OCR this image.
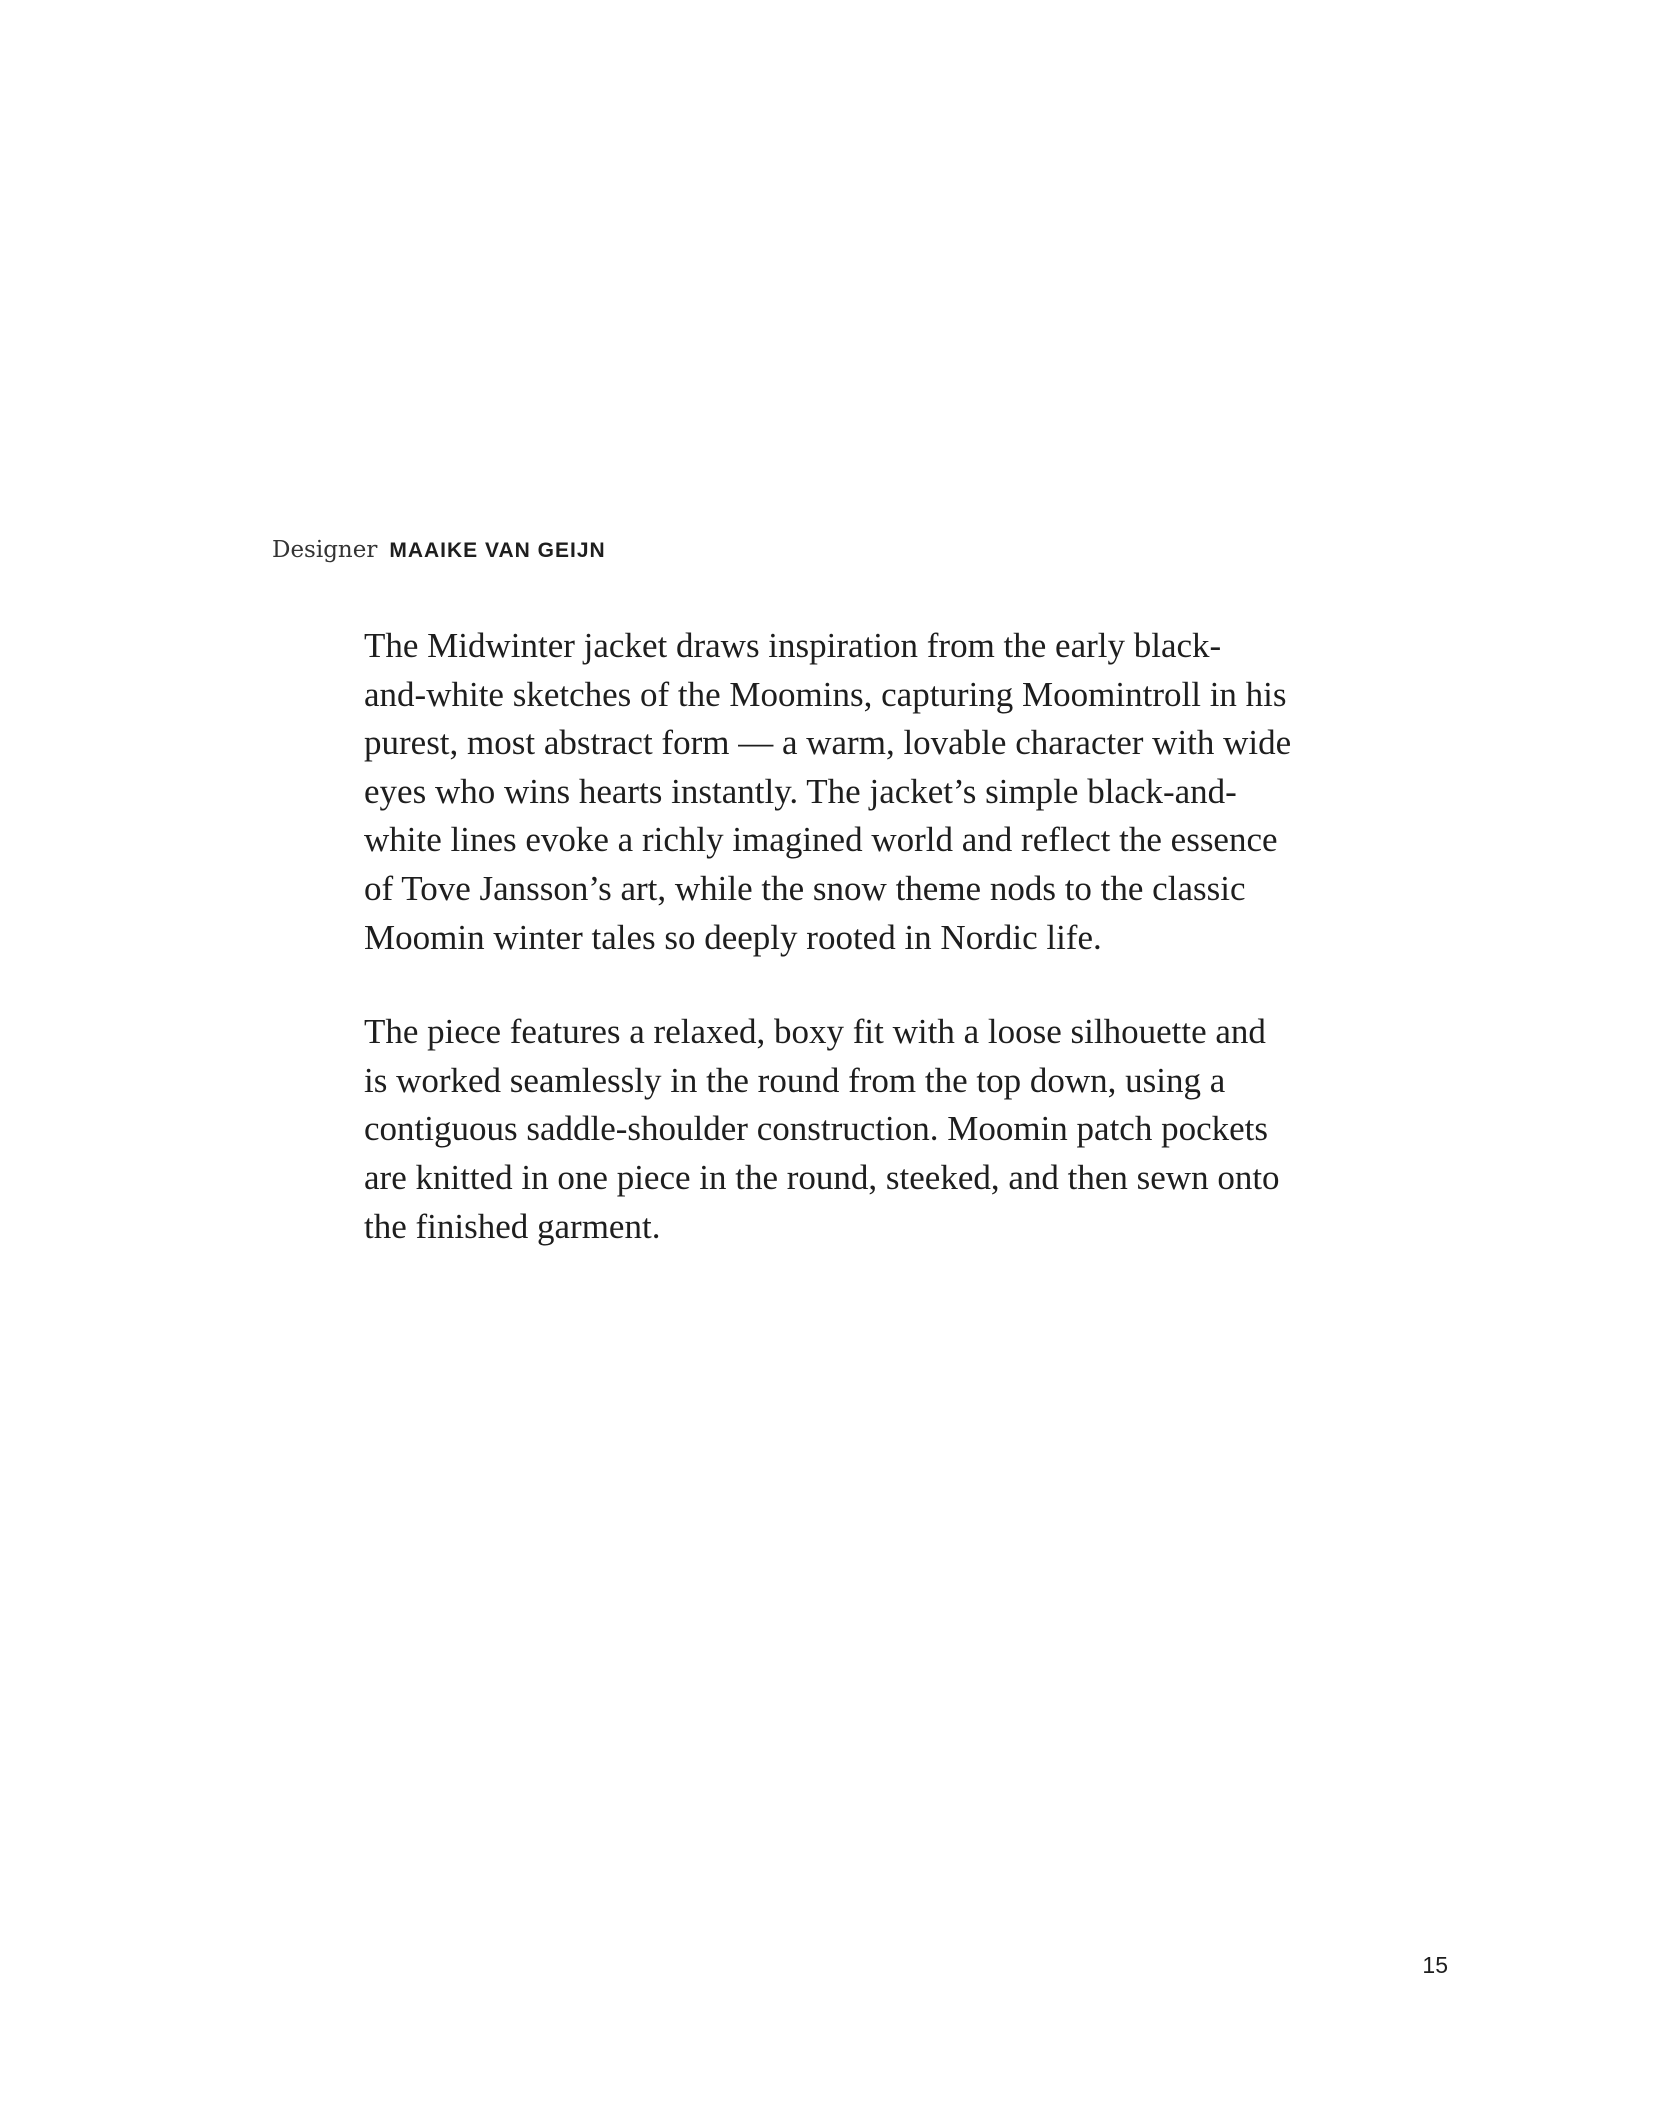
Designer MAAIKE VAN GEIJN

The Midwinter jacket draws inspiration from the early black-
and-white sketches of the Moomins, capturing Moomintroll in his
purest, most abstract form — a warm, lovable character with wide
eyes who wins hearts instantly. The jacket’s simple black-and-
white lines evoke a richly imagined world and reflect the essence
of Tove Jansson’s art, while the snow theme nods to the classic
Moomin winter tales so deeply rooted in Nordic life.

The piece features a relaxed, boxy fit with a loose silhouette and
is worked seamlessly in the round from the top down, using a
contiguous saddle-shoulder construction. Moomin patch pockets
are knitted in one piece in the round, steeked, and then sewn onto
the finished garment.

15
